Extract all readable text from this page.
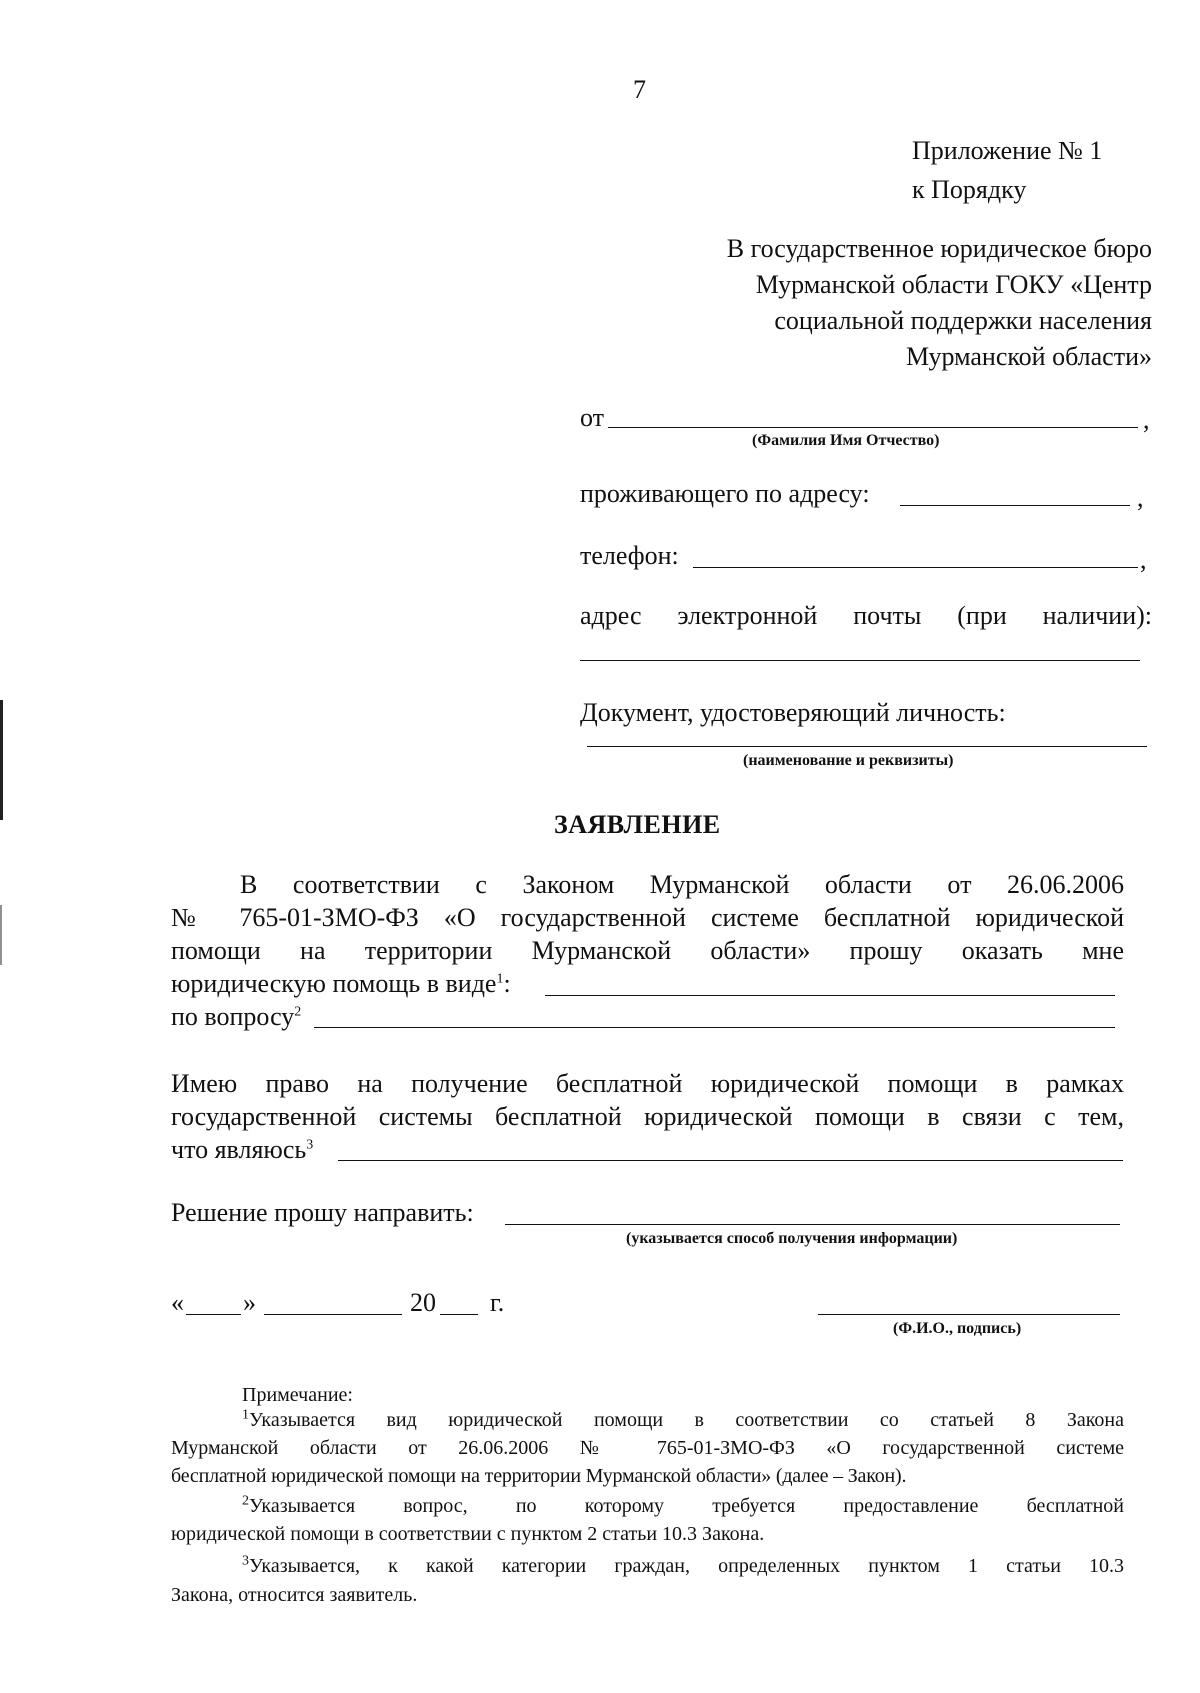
7
Приложение № 1
к Порядку
В государственное юридическое бюро
Мурманской области ГОКУ «Центр
социальной поддержки населения
Мурманской области»
от	,
(Фамилия Имя Отчество)
проживающего по адресу:	,
телефон:	,
адрес электронной почты (при наличии):
Документ, удостоверяющий личность:
(наименование и реквизиты)
ЗАЯВЛЕНИЕ
В соответствии с Законом Мурманской области от 26.06.2006
№ 765-01-ЗМО-ФЗ «О государственной системе бесплатной юридической
помощи на территории Мурманской области» прошу оказать мне
юридическую помощь в виде$^1$:
по вопросу$^2$
Имею право на получение бесплатной юридической помощи в рамках
государственной системы бесплатной юридической помощи в связи с тем,
что являюсь$^3$
Решение прошу направить:
(указывается способ получения информации)
« »	20 г.
(Ф.И.О., подпись)
Примечание:
$^1$Указывается вид юридической помощи в соответствии со статьей 8 Закона
Мурманской области от 26.06.2006 № 765-01-ЗМО-ФЗ «О государственной системе
бесплатной юридической помощи на территории Мурманской области» (далее – Закон).
$^2$Указывается вопрос, по которому требуется предоставление бесплатной
юридической помощи в соответствии с пунктом 2 статьи 10.3 Закона.
$^3$Указывается, к какой категории граждан, определенных пунктом 1 статьи 10.3
Закона, относится заявитель.
